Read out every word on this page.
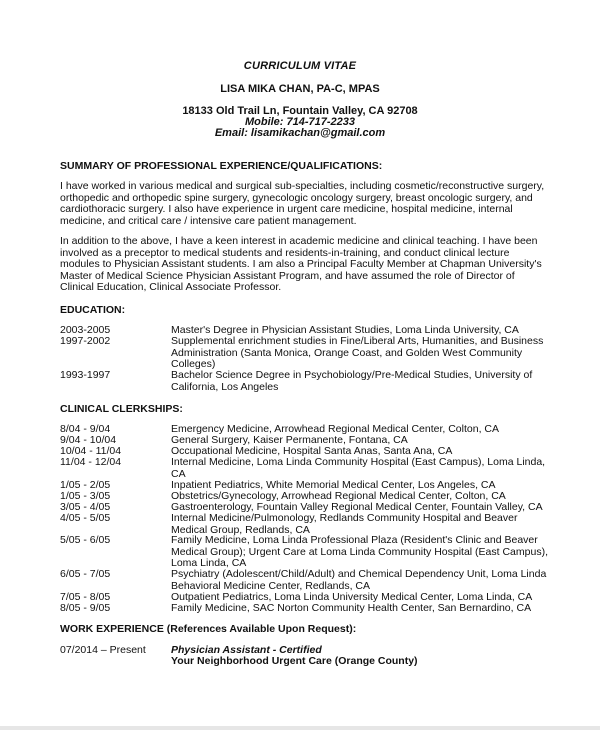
CURRICULUM VITAE
LISA MIKA CHAN, PA-C, MPAS
18133 Old Trail Ln, Fountain Valley, CA 92708
Mobile: 714-717-2233
Email: lisamikachan@gmail.com
SUMMARY OF PROFESSIONAL EXPERIENCE/QUALIFICATIONS:
I have worked in various medical and surgical sub-specialties, including cosmetic/reconstructive surgery, orthopedic and orthopedic spine surgery, gynecologic oncology surgery, breast oncologic surgery, and cardiothoracic surgery. I also have experience in urgent care medicine, hospital medicine, internal medicine, and critical care / intensive care patient management.
In addition to the above, I have a keen interest in academic medicine and clinical teaching. I have been involved as a preceptor to medical students and residents-in-training, and conduct clinical lecture modules to Physician Assistant students. I am also a Principal Faculty Member at Chapman University's Master of Medical Science Physician Assistant Program, and have assumed the role of Director of Clinical Education, Clinical Associate Professor.
EDUCATION:
2003-2005	Master's Degree in Physician Assistant Studies, Loma Linda University, CA
1997-2002	Supplemental enrichment studies in Fine/Liberal Arts, Humanities, and Business Administration (Santa Monica, Orange Coast, and Golden West Community Colleges)
1993-1997	Bachelor Science Degree in Psychobiology/Pre-Medical Studies, University of California, Los Angeles
CLINICAL CLERKSHIPS:
8/04 - 9/04	Emergency Medicine, Arrowhead Regional Medical Center, Colton, CA
9/04 - 10/04	General Surgery, Kaiser Permanente, Fontana, CA
10/04 - 11/04	Occupational Medicine, Hospital Santa Anas, Santa Ana, CA
11/04 - 12/04	Internal Medicine, Loma Linda Community Hospital (East Campus), Loma Linda, CA
1/05 - 2/05	Inpatient Pediatrics, White Memorial Medical Center, Los Angeles, CA
1/05 - 3/05	Obstetrics/Gynecology, Arrowhead Regional Medical Center, Colton, CA
3/05 - 4/05	Gastroenterology, Fountain Valley Regional Medical Center, Fountain Valley, CA
4/05 - 5/05	Internal Medicine/Pulmonology, Redlands Community Hospital and Beaver Medical Group, Redlands, CA
5/05 - 6/05	Family Medicine, Loma Linda Professional Plaza (Resident's Clinic and Beaver Medical Group); Urgent Care at Loma Linda Community Hospital (East Campus), Loma Linda, CA
6/05 - 7/05	Psychiatry (Adolescent/Child/Adult) and Chemical Dependency Unit, Loma Linda Behavioral Medicine Center, Redlands, CA
7/05 - 8/05	Outpatient Pediatrics, Loma Linda University Medical Center, Loma Linda, CA
8/05 - 9/05	Family Medicine, SAC Norton Community Health Center, San Bernardino, CA
WORK EXPERIENCE (References Available Upon Request):
07/2014 – Present	Physician Assistant - Certified
Your Neighborhood Urgent Care (Orange County)
